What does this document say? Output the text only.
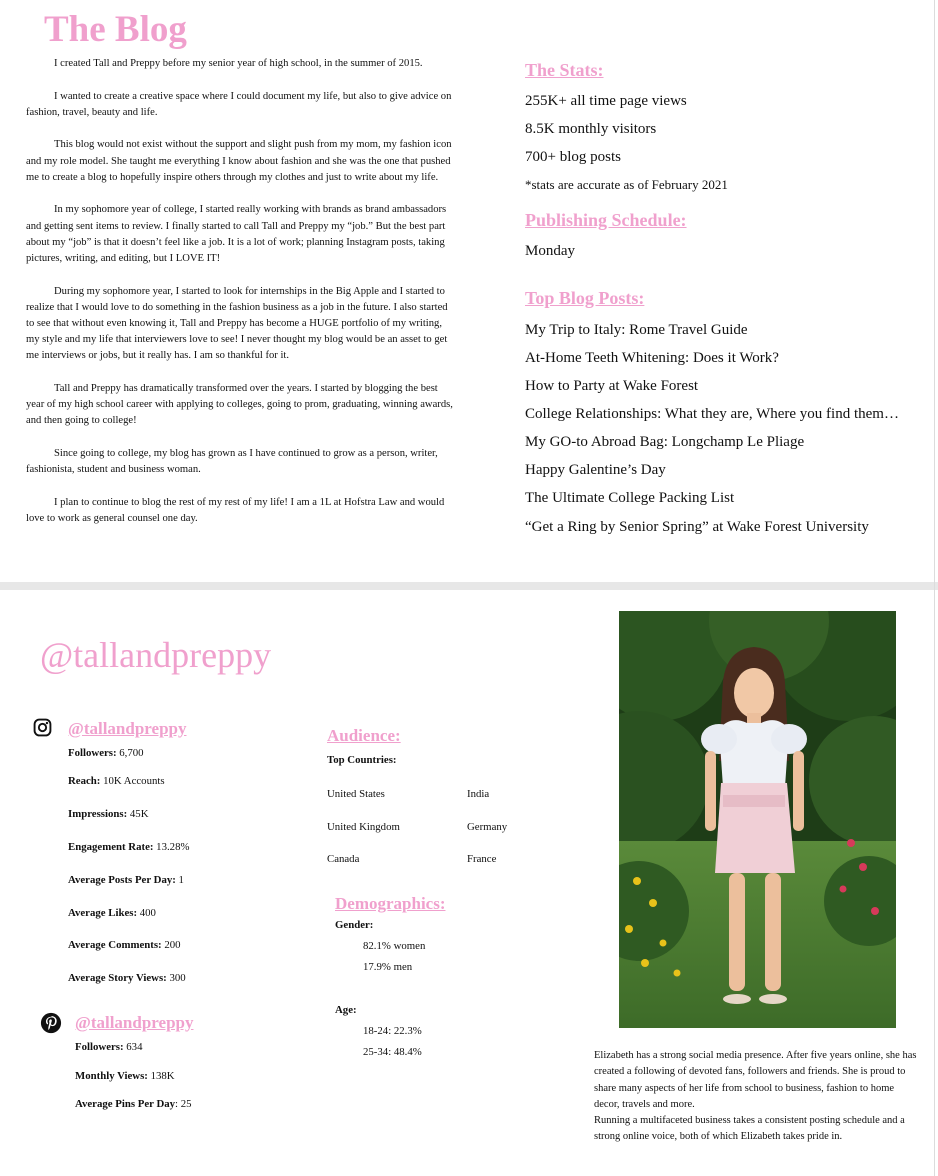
The Blog

I created Tall and Preppy before my senior year of high school, in the summer of 2015.

I wanted to create a creative space where I could document my life, but also to give advice on fashion, travel, beauty and life.

This blog would not exist without the support and slight push from my mom, my fashion icon and my role model. She taught me everything I know about fashion and she was the one that pushed me to create a blog to hopefully inspire others through my clothes and just to write about my life.

In my sophomore year of college, I started really working with brands as brand ambassadors and getting sent items to review. I finally started to call Tall and Preppy my “job.” But the best part about my “job” is that it doesn’t feel like a job. It is a lot of work; planning Instagram posts, taking pictures, writing, and editing, but I LOVE IT!

During my sophomore year, I started to look for internships in the Big Apple and I started to realize that I would love to do something in the fashion business as a job in the future. I also started to see that without even knowing it, Tall and Preppy has become a HUGE portfolio of my writing, my style and my life that interviewers love to see! I never thought my blog would be an asset to get me interviews or jobs, but it really has. I am so thankful for it.

Tall and Preppy has dramatically transformed over the years. I started by blogging the best year of my high school career with applying to colleges, going to prom, graduating, winning awards, and then going to college!

Since going to college, my blog has grown as I have continued to grow as a person, writer, fashionista, student and business woman.

I plan to continue to blog the rest of my rest of my life! I am a 1L at Hofstra Law and would love to work as general counsel one day.

The Stats:
255K+ all time page views
8.5K monthly visitors
700+ blog posts
*stats are accurate as of February 2021
Publishing Schedule:
Monday
Top Blog Posts:
My Trip to Italy: Rome Travel Guide
At-Home Teeth Whitening: Does it Work?
How to Party at Wake Forest
College Relationships: What they are, Where you find them…
My GO-to Abroad Bag: Longchamp Le Pliage
Happy Galentine’s Day
The Ultimate College Packing List
“Get a Ring by Senior Spring” at Wake Forest University
@tallandpreppy
@tallandpreppy
Followers: 6,700
Reach: 10K Accounts
Impressions: 45K
Engagement Rate: 13.28%
Average Posts Per Day: 1
Average Likes: 400
Average Comments: 200
Average Story Views: 300
@tallandpreppy
Followers: 634
Monthly Views: 138K
Average Pins Per Day: 25
Audience:
Top Countries:
United States	India
United Kingdom	Germany
Canada	France
Demographics:
Gender:
82.1% women
17.9% men
Age:
18-24: 22.3%
25-34: 48.4%	Elizabeth has a strong social media presence. After five years online, she has created a following of devoted fans, followers and friends. She is proud to share many aspects of her life from school to business, fashion to home decor, travels and more.
Running a multifaceted business takes a consistent posting schedule and a strong online voice, both of which Elizabeth takes pride in.
